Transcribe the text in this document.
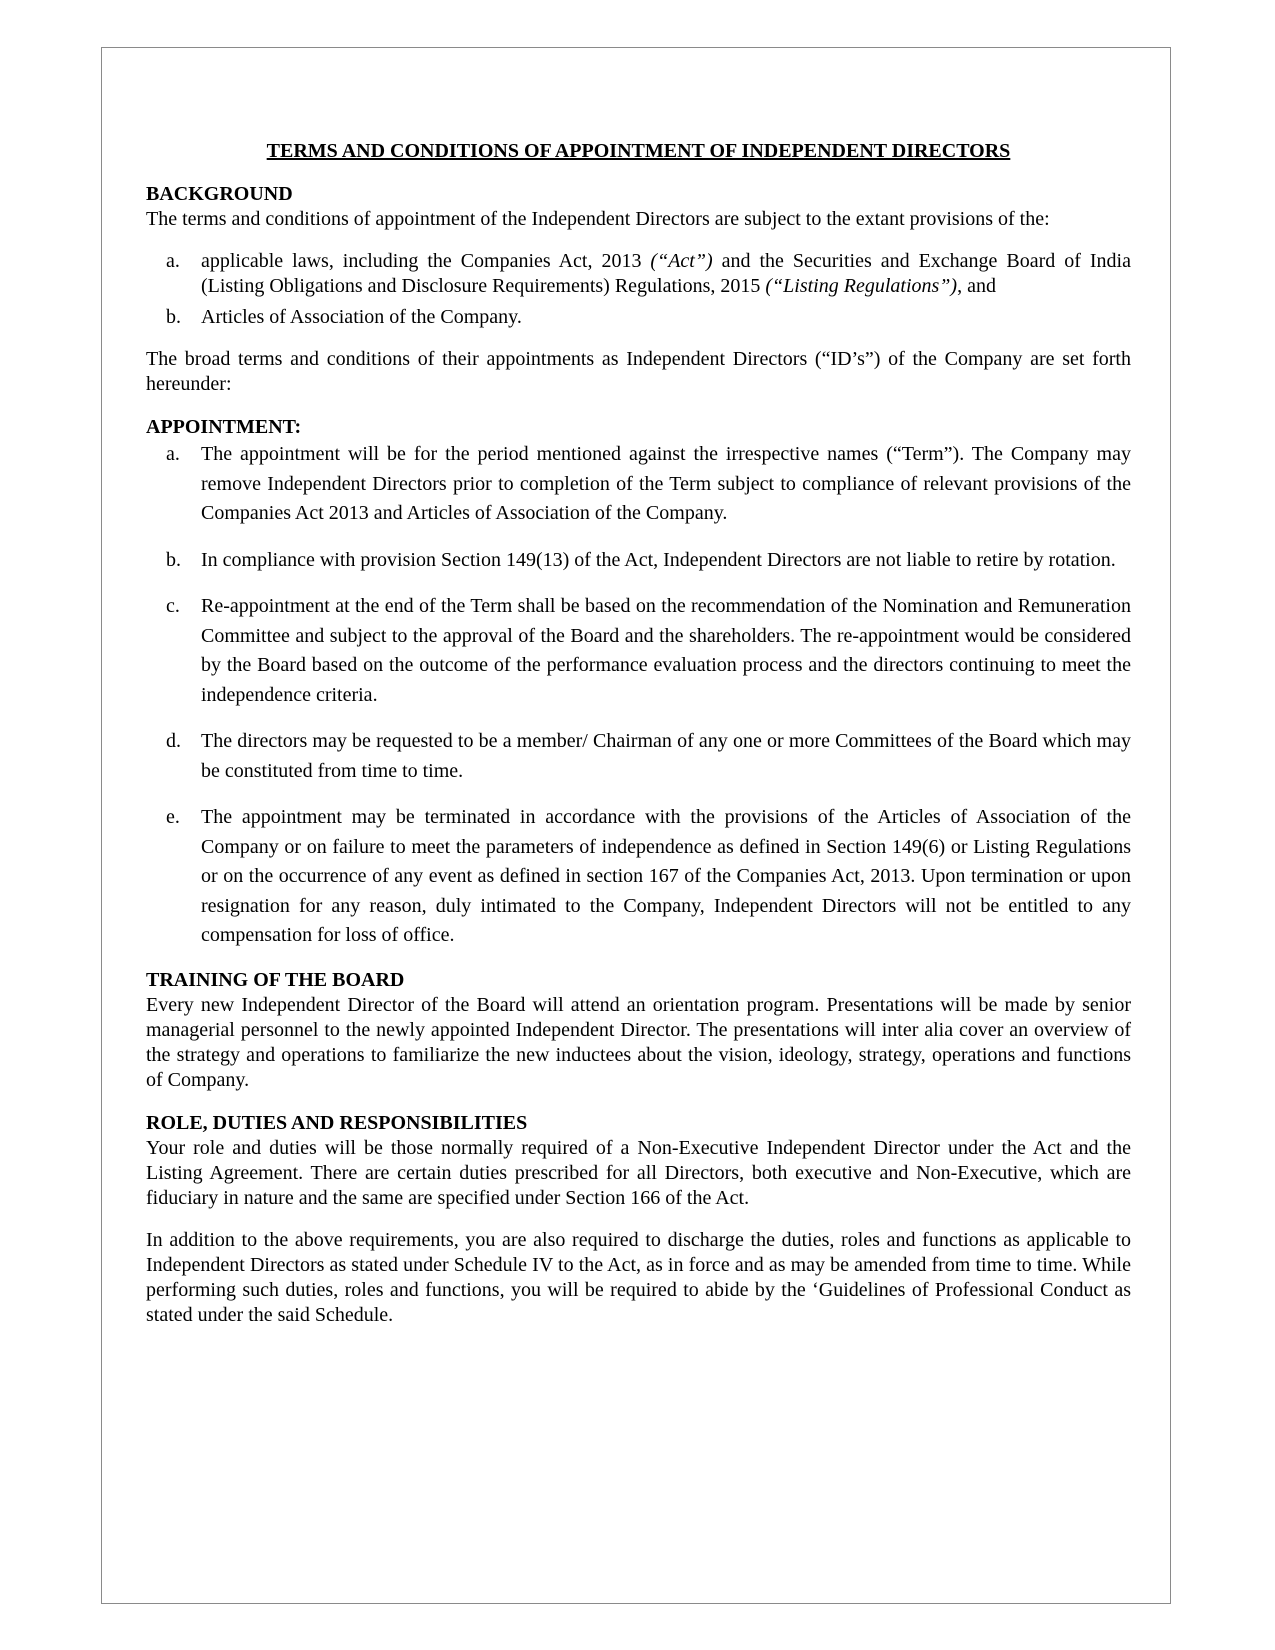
TERMS AND CONDITIONS OF APPOINTMENT OF INDEPENDENT DIRECTORS
BACKGROUND

The terms and conditions of appointment of the Independent Directors are subject to the extant provisions of the:

a. applicable laws, including the Companies Act, 2013 (“Act”) and the Securities and Exchange Board of India (Listing Obligations and Disclosure Requirements) Regulations, 2015 (“Listing Regulations”), and
b. Articles of Association of the Company.

The broad terms and conditions of their appointments as Independent Directors (“ID’s”) of the Company are set forth hereunder:

APPOINTMENT:
a. The appointment will be for the period mentioned against the irrespective names (“Term”). The Company may remove Independent Directors prior to completion of the Term subject to compliance of relevant provisions of the Companies Act 2013 and Articles of Association of the Company.
b. In compliance with provision Section 149(13) of the Act, Independent Directors are not liable to retire by rotation.
c. Re-appointment at the end of the Term shall be based on the recommendation of the Nomination and Remuneration Committee and subject to the approval of the Board and the shareholders. The re-appointment would be considered by the Board based on the outcome of the performance evaluation process and the directors continuing to meet the independence criteria.
d. The directors may be requested to be a member/ Chairman of any one or more Committees of the Board which may be constituted from time to time.
e. The appointment may be terminated in accordance with the provisions of the Articles of Association of the Company or on failure to meet the parameters of independence as defined in Section 149(6) or Listing Regulations or on the occurrence of any event as defined in section 167 of the Companies Act, 2013. Upon termination or upon resignation for any reason, duly intimated to the Company, Independent Directors will not be entitled to any compensation for loss of office.
TRAINING OF THE BOARD

Every new Independent Director of the Board will attend an orientation program. Presentations will be made by senior managerial personnel to the newly appointed Independent Director. The presentations will inter alia cover an overview of the strategy and operations to familiarize the new inductees about the vision, ideology, strategy, operations and functions of Company.

ROLE, DUTIES AND RESPONSIBILITIES

Your role and duties will be those normally required of a Non-Executive Independent Director under the Act and the Listing Agreement. There are certain duties prescribed for all Directors, both executive and Non-Executive, which are fiduciary in nature and the same are specified under Section 166 of the Act.

In addition to the above requirements, you are also required to discharge the duties, roles and functions as applicable to Independent Directors as stated under Schedule IV to the Act, as in force and as may be amended from time to time. While performing such duties, roles and functions, you will be required to abide by the ‘Guidelines of Professional Conduct as stated under the said Schedule.
